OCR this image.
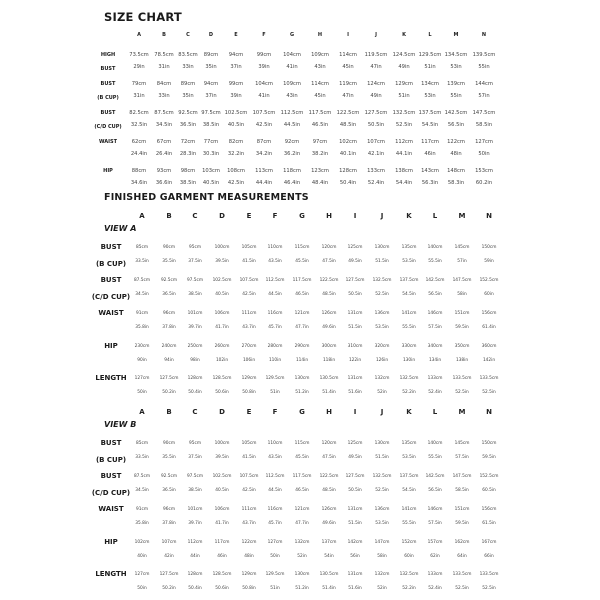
SIZE CHART
A	B	C	D	E	F	G	H	I	J	K	L	M	N
HIGH
BUST
73.5cm	78.5cm 83.5cm	89cm	94cm	99cm	104cm	109cm	114cm	119.5cm	124.5cm 129.5cm 134.5cm	139.5cm
29in	31in	33in	35in	37in	39in	41in	43in	45in	47in	49in	51in	53in	55in
BUST
(B CUP)
79cm	84cm	89cm	94cm	99cm	104cm	109cm	114cm	119cm	124cm	129cm	134cm	139cm	144cm
31in	33in	35in	37in	39in	41in	43in	45in	47in	49in	51in	53in	55in	57in
BUST
(C/D CUP)
82.5cm	87.5cm 92.5cm 97.5cm 102.5cm	107.5cm	112.5cm	117.5cm	122.5cm	127.5cm	132.5cm 137.5cm 142.5cm	147.5cm
32.5in	34.5in	36.5in	38.5in	40.5in	42.5in	44.5in	46.5in	48.5in	50.5in	52.5in	54.5in	56.5in	58.5in
WAIST	62cm	67cm	72cm	77cm	82cm	87cm	92cm	97cm	102cm	107cm	112cm	117cm	122cm	127cm
24.4in	26.4in	28.3in	30.3in	32.2in	34.2in	36.2in	38.2in	40.1in	42.1in	44.1in	46in	48in	50in
HIP	88cm	93cm	98cm	103cm	108cm	113cm	118cm	123cm	128cm	133cm	138cm	143cm	148cm	153cm
34.6in	36.6in	38.5in	40.5in	42.5in	44.4in	46.4in	48.4in	50.4in	52.4in	54.4in	56.3in	58.3in	60.2in
FINISHED GARMENT MEASUREMENTS
A	B	C	D	E	F	G	H	I	J	K	L	M	N
VIEW A
BUST
(B CUP)
85cm	90cm	95cm	100cm	105cm	110cm	115cm	120cm	125cm	130cm	135cm	140cm	145cm	150cm
33.5in	35.5in	37.5in	39.5in	41.5in	43.5in	45.5in	47.5in	49.5in	51.5in	53.5in	55.5in	57in	59in
BUST
(C/D CUP)
87.5cm	92.5cm	97.5cm	102.5cm	107.5cm	112.5cm	117.5cm	122.5cm	127.5cm	132.5cm	137.5cm	142.5cm	147.5cm	152.5cm
34.5in	36.5in	38.5in	40.5in	42.5in	44.5in	46.5in	48.5in	50.5in	52.5in	54.5in	56.5in	58in	60in
WAIST	91cm	96cm	101cm	106cm	111cm	116cm	121cm	126cm	131cm	136cm	141cm	146cm	151cm	156cm
35.8in	37.8in	39.7in	41.7in	43.7in	45.7in	47.7in	49.6in	51.5in	53.5in	55.5in	57.5in	59.5in	61.4in
HIP	230cm	240cm	250cm	260cm	270cm	280cm	290cm	300cm	310cm	320cm	330cm	340cm	350cm	360cm
90in	94in	98in	102in	106in	110in	114in	118in	122in	126in	130in	134in	138in	142in
LENGTH	127cm	127.5cm	128cm	128.5cm	129cm	129.5cm	130cm	130.5cm	131cm	132cm	132.5cm	133cm	133.5cm	133.5cm
50in	50.2in	50.4in	50.6in	50.8in	51in	51.2in	51.4in	51.6in	52in	52.2in	52.4in	52.5in	52.5in
A	B	C	D	E	F	G	H	I	J	K	L	M	N
VIEW B
BUST
(B CUP)
85cm	90cm	95cm	100cm	105cm	110cm	115cm	120cm	125cm	130cm	135cm	140cm	145cm	150cm
33.5in	35.5in	37.5in	39.5in	41.5in	43.5in	45.5in	47.5in	49.5in	51.5in	53.5in	55.5in	57.5in	59.5in
BUST
(C/D CUP)
87.5cm	92.5cm	97.5cm	102.5cm	107.5cm	112.5cm	117.5cm	122.5cm	127.5cm	132.5cm	137.5cm	142.5cm	147.5cm	152.5cm
34.5in	36.5in	38.5in	40.5in	42.5in	44.5in	46.5in	48.5in	50.5in	52.5in	54.5in	56.5in	58.5in	60.5in
WAIST	91cm	96cm	101cm	106cm	111cm	116cm	121cm	126cm	131cm	136cm	141cm	146cm	151cm	156cm
35.8in	37.8in	39.7in	41.7in	43.7in	45.7in	47.7in	49.6in	51.5in	53.5in	55.5in	57.5in	59.5in	61.5in
HIP	102cm	107cm	112cm	117cm	122cm	127cm	132cm	137cm	142cm	147cm	152cm	157cm	162cm	167cm
40in	42in	44in	46in	48in	50in	52in	54in	56in	58in	60in	62in	64in	66in
LENGTH	127cm	127.5cm	128cm	128.5cm	129cm	129.5cm	130cm	130.5cm	131cm	132cm	132.5cm	133cm	133.5cm	133.5cm
50in	50.2in	50.4in	50.6in	50.8in	51in	51.2in	51.4in	51.6in	52in	52.2in	52.4in	52.5in	52.5in
